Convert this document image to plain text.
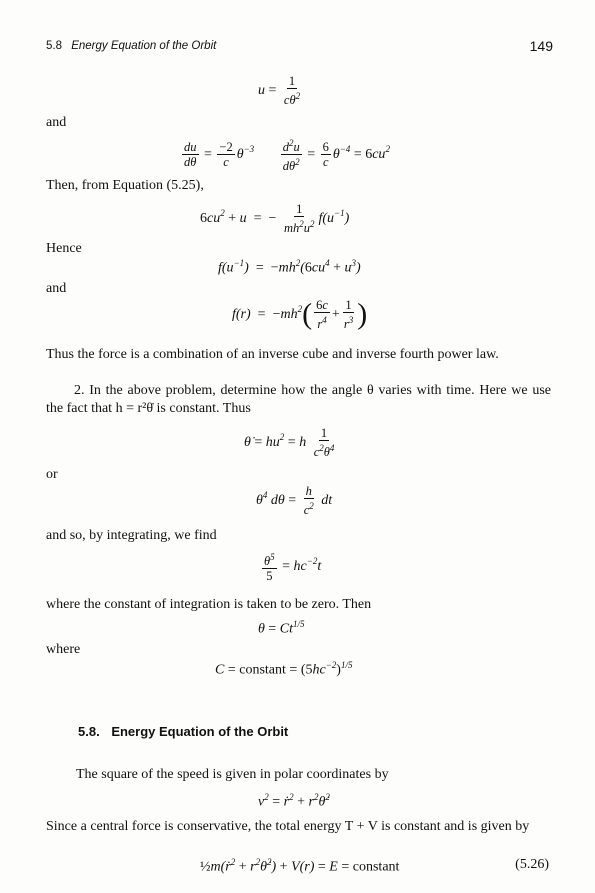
5.8 Energy Equation of the Orbit	149
$u = \frac{1}{c\theta^2}$
and
$\frac{du}{d\theta} = \frac{-2}{c} \theta^{-3} \frac{d^2u}{d\theta^2} = \frac{6}{c} \theta^{-4} = 6cu^2$
Then, from Equation (5.25),
$6cu^2 + u$  = − $\frac{1}{mh^2u^2} f(u^{-1})$
Hence
$f(u^{-1}) = -mh^2(6cu^4 + u^3)$
and
$f(r) = -mh^2( \frac{6c}{r^4} + \frac{1}{r^3}$ )
Thus the force is a combination of an inverse cube and inverse fourth power law.
2. In the above problem, determine how the angle θ varies with time. Here we use the fact that h = r²θ̇ is constant. Thus
θ̇ = $hu^2 = h \frac{1}{c^2\theta^4}$
or
$\theta^4$ $d\theta = \frac{h}{c^2}$ dt
and so, by integrating, we find
$\frac{\theta^5}{5} = hc^{-2}t$
where the constant of integration is taken to be zero. Then
$\theta = Ct^{1/5}$
where
C = constant = $(5hc^{-2})^{1/5}$
5.8. Energy Equation of the Orbit
The square of the speed is given in polar coordinates by
$v^2$ = ṙ$^2$ + $r^2\thetȧ^2$
Since a central force is conservative, the total energy T + V is constant and is given by
½m(ṙ$^2$ + $r^2\thetȧ^2) + V(r) = E$ = constant	(5.26)
